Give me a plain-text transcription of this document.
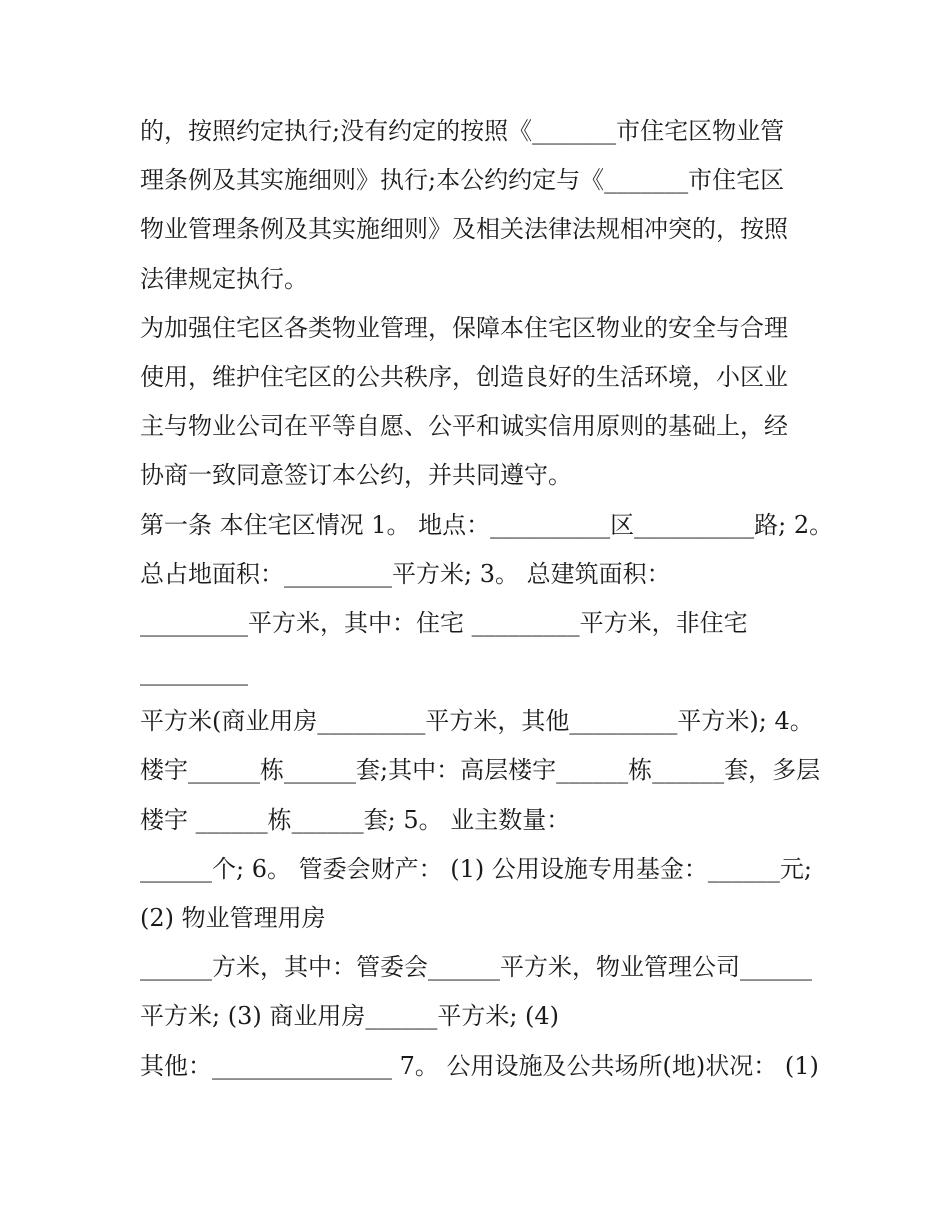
的，按照约定执行;没有约定的按照《_______市住宅区物业管
理条例及其实施细则》执行;本公约约定与《_______市住宅区
物业管理条例及其实施细则》及相关法律法规相冲突的，按照
法律规定执行。
为加强住宅区各类物业管理，保障本住宅区物业的安全与合理
使用，维护住宅区的公共秩序，创造良好的生活环境，小区业
主与物业公司在平等自愿、公平和诚实信用原则的基础上，经
协商一致同意签订本公约，并共同遵守。
第一条 本住宅区情况 1。 地点：__________区__________路; 2。
总占地面积：_________平方米; 3。 总建筑面积：
_________平方米，其中：住宅 _________平方米，非住宅
_________
平方米(商业用房_________平方米，其他_________平方米); 4。
楼宇______栋______套;其中：高层楼宇______栋______套，多层
楼宇 ______栋______套; 5。 业主数量：
______个; 6。 管委会财产： (1) 公用设施专用基金：______元;
(2) 物业管理用房
______方米，其中：管委会______平方米，物业管理公司______
平方米; (3) 商业用房______平方米; (4)
其他：_______________ 7。 公用设施及公共场所(地)状况： (1)
